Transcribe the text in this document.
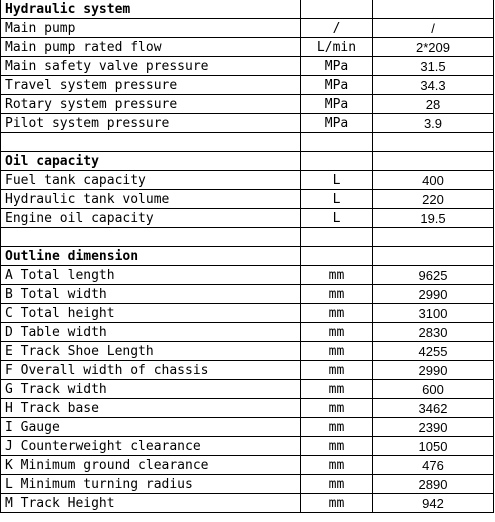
Hydraulic system		
Main pump	/	/
Main pump rated flow	L/min	2*209
Main safety valve pressure	MPa	31.5
Travel system pressure	MPa	34.3
Rotary system pressure	MPa	28
Pilot system pressure	MPa	3.9

Oil capacity		
Fuel tank capacity	L	400
Hydraulic tank volume	L	220
Engine oil capacity	L	19.5

Outline dimension		
A Total length	mm	9625
B Total width	mm	2990
C Total height	mm	3100
D Table width	mm	2830
E Track Shoe Length	mm	4255
F Overall width of chassis	mm	2990
G Track width	mm	600
H Track base	mm	3462
I Gauge	mm	2390
J Counterweight clearance	mm	1050
K Minimum ground clearance	mm	476
L Minimum turning radius	mm	2890
M Track Height	mm	942
